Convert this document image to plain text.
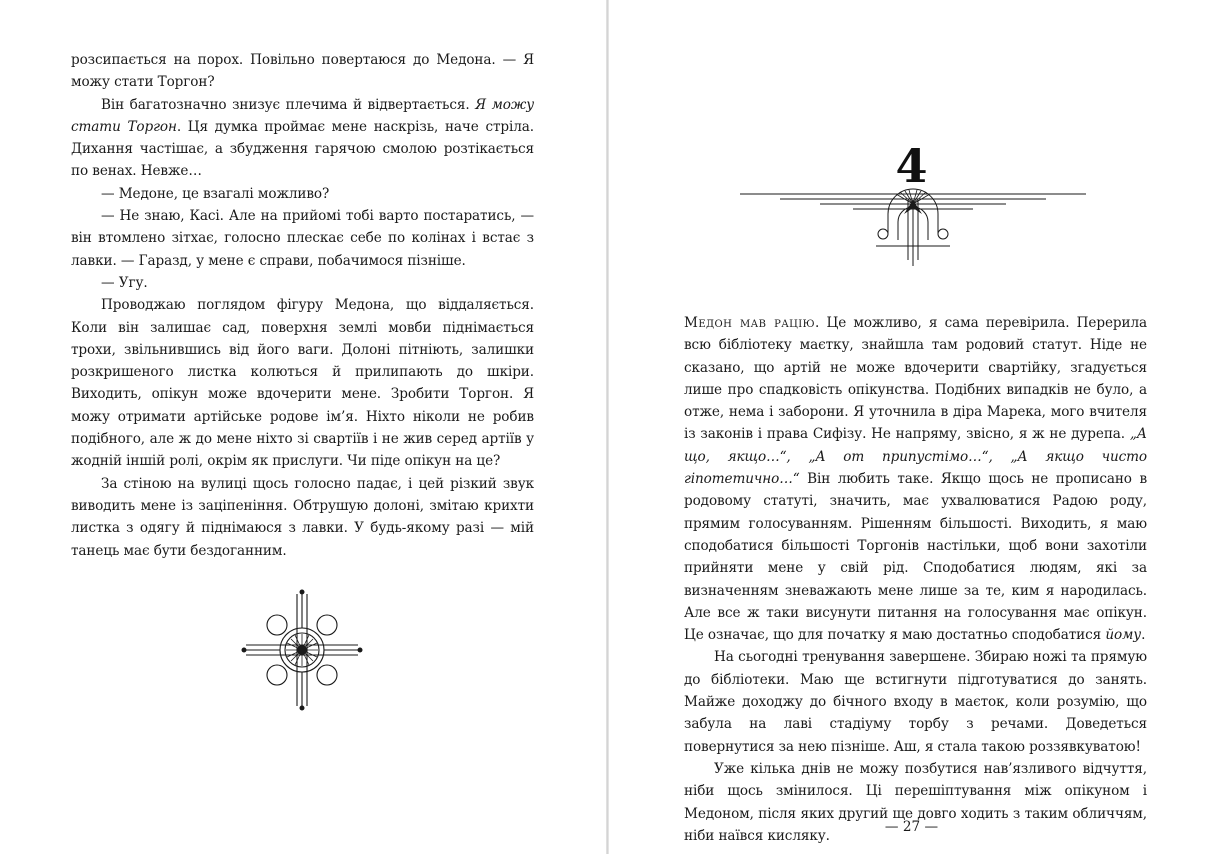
розсипається на порох. Повільно повертаюся до Медона. — Я можу стати Торгон?

Він багатозначно знизує плечима й відвертається. Я можу стати Торгон. Ця думка проймає мене наскрізь, наче стріла. Дихання частішає, а збудження гарячою смолою розтікається по венах. Невже…

— Медоне, це взагалі можливо?

— Не знаю, Касі. Але на прийомі тобі варто постаратись, — він втомлено зітхає, голосно плескає себе по колінах і встає з лавки. — Гаразд, у мене є справи, побачимося пізніше.

— Угу.

Проводжаю поглядом фігуру Медона, що віддаляється. Коли він залишає сад, поверхня землі мовби піднімається трохи, звільнившись від його ваги. Долоні пітніють, залишки розкришеного листка колються й прилипають до шкіри. Виходить, опікун може вдочерити мене. Зробити Торгон. Я можу отримати артійське родове ім’я. Ніхто ніколи не робив подібного, але ж до мене ніхто зі свартіїв і не жив серед артіїв у жодній іншій ролі, окрім як прислуги. Чи піде опікун на це?

За стіною на вулиці щось голосно падає, і цей різкий звук виводить мене із заціпеніння. Обтрушую долоні, змітаю крихти листка з одягу й піднімаюся з лавки. У будь-якому разі — мій танець має бути бездоганним.

4

Медон мав рацію. Це можливо, я сама перевірила. Перерила всю бібліотеку маєтку, знайшла там родовий статут. Ніде не сказано, що артій не може вдочерити свартійку, згадується лише про спадковість опікунства. Подібних випадків не було, а отже, нема і заборони. Я уточнила в діра Марека, мого вчителя із законів і права Сифізу. Не напряму, звісно, я ж не дурепа. „А що, якщо…“, „А от припустімо…“, „А якщо чисто гіпотетично…“ Він любить таке. Якщо щось не прописано в родовому статуті, значить, має ухвалюватися Радою роду, прямим голосуванням. Рішенням більшості. Виходить, я маю сподобатися більшості Торгонів настільки, щоб вони захотіли прийняти мене у свій рід. Сподобатися людям, які за визначенням зневажають мене лише за те, ким я народилась. Але все ж таки висунути питання на голосування має опікун. Це означає, що для початку я маю достатньо сподобатися йому.

На сьогодні тренування завершене. Збираю ножі та прямую до бібліотеки. Маю ще встигнути підготуватися до занять. Майже доходжу до бічного входу в маєток, коли розумію, що забула на лаві стадіуму торбу з речами. Доведеться повернутися за нею пізніше. Аш, я стала такою роззявкуватою!

Уже кілька днів не можу позбутися нав’язливого відчуття, ніби щось змінилося. Ці перешіптування між опікуном і Медоном, після яких другий ще довго ходить з таким обличчям, ніби наївся кисляку.

— 27 —
